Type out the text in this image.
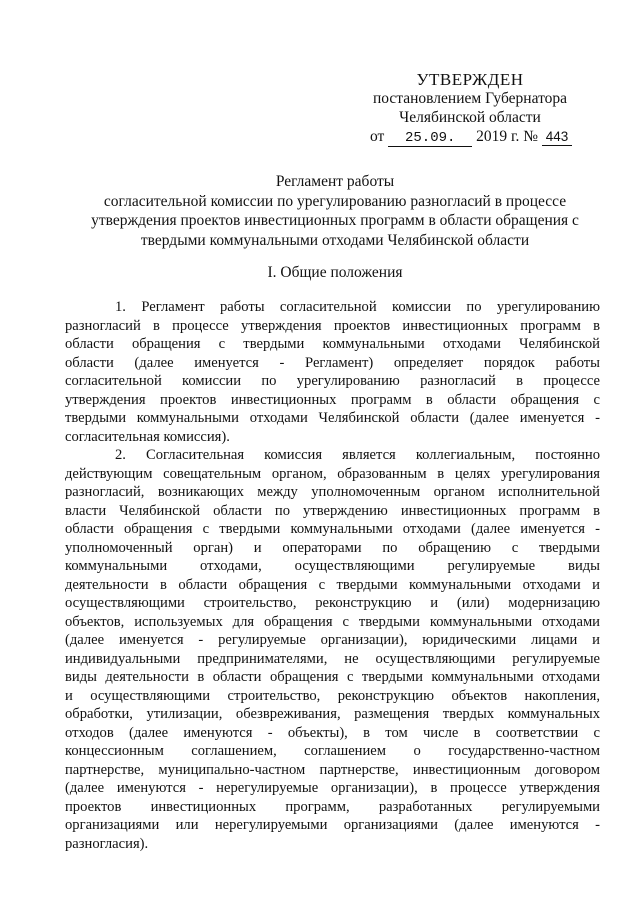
УТВЕРЖДЕН
постановлением Губернатора
Челябинской области
от 25.09. 2019 г. № 443
Регламент работы
согласительной комиссии по урегулированию разногласий в процессе
утверждения проектов инвестиционных программ в области обращения с
твердыми коммунальными отходами Челябинской области
I. Общие положения
1. Регламент работы согласительной комиссии по урегулированию
разногласий в процессе утверждения проектов инвестиционных программ в
области обращения с твердыми коммунальными отходами Челябинской
области (далее именуется - Регламент) определяет порядок работы
согласительной комиссии по урегулированию разногласий в процессе
утверждения проектов инвестиционных программ в области обращения с
твердыми коммунальными отходами Челябинской области (далее именуется -
согласительная комиссия).
2. Согласительная комиссия является коллегиальным, постоянно
действующим совещательным органом, образованным в целях урегулирования
разногласий, возникающих между уполномоченным органом исполнительной
власти Челябинской области по утверждению инвестиционных программ в
области обращения с твердыми коммунальными отходами (далее именуется -
уполномоченный орган) и операторами по обращению с твердыми
коммунальными отходами, осуществляющими регулируемые виды
деятельности в области обращения с твердыми коммунальными отходами и
осуществляющими строительство, реконструкцию и (или) модернизацию
объектов, используемых для обращения с твердыми коммунальными отходами
(далее именуется - регулируемые организации), юридическими лицами и
индивидуальными предпринимателями, не осуществляющими регулируемые
виды деятельности в области обращения с твердыми коммунальными отходами
и осуществляющими строительство, реконструкцию объектов накопления,
обработки, утилизации, обезвреживания, размещения твердых коммунальных
отходов (далее именуются - объекты), в том числе в соответствии с
концессионным соглашением, соглашением о государственно-частном
партнерстве, муниципально-частном партнерстве, инвестиционным договором
(далее именуются - нерегулируемые организации), в процессе утверждения
проектов инвестиционных программ, разработанных регулируемыми
организациями или нерегулируемыми организациями (далее именуются -
разногласия).
